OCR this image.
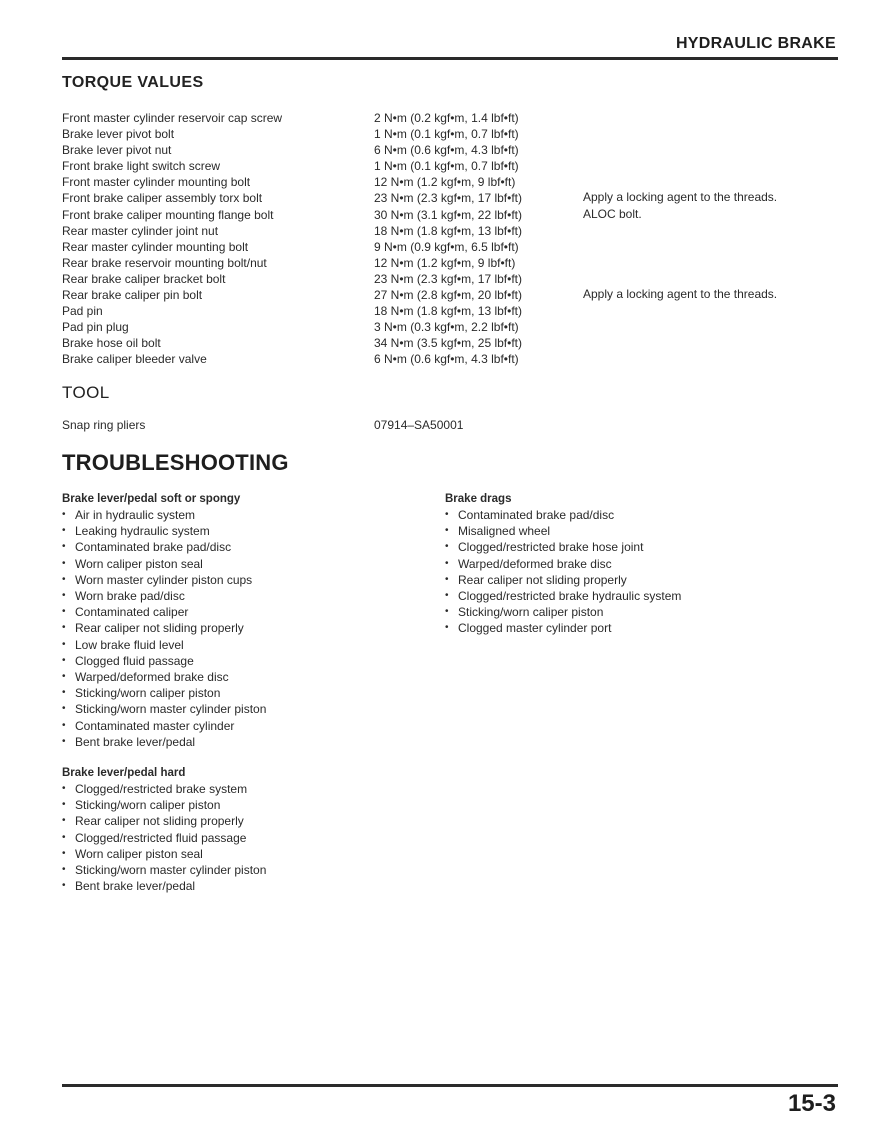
HYDRAULIC BRAKE
TORQUE VALUES
Front master cylinder reservoir cap screw	2 N•m (0.2 kgf•m, 1.4 lbf•ft)
Brake lever pivot bolt	1 N•m (0.1 kgf•m, 0.7 lbf•ft)
Brake lever pivot nut	6 N•m (0.6 kgf•m, 4.3 lbf•ft)
Front brake light switch screw	1 N•m (0.1 kgf•m, 0.7 lbf•ft)
Front master cylinder mounting bolt	12 N•m (1.2 kgf•m, 9 lbf•ft)
Front brake caliper assembly torx bolt	23 N•m (2.3 kgf•m, 17 lbf•ft)	Apply a locking agent to the threads.
Front brake caliper mounting flange bolt	30 N•m (3.1 kgf•m, 22 lbf•ft)	ALOC bolt.
Rear master cylinder joint nut	18 N•m (1.8 kgf•m, 13 lbf•ft)
Rear master cylinder mounting bolt	9 N•m (0.9 kgf•m, 6.5 lbf•ft)
Rear brake reservoir mounting bolt/nut	12 N•m (1.2 kgf•m, 9 lbf•ft)
Rear brake caliper bracket bolt	23 N•m (2.3 kgf•m, 17 lbf•ft)
Rear brake caliper pin bolt	27 N•m (2.8 kgf•m, 20 lbf•ft)	Apply a locking agent to the threads.
Pad pin	18 N•m (1.8 kgf•m, 13 lbf•ft)
Pad pin plug	3 N•m (0.3 kgf•m, 2.2 lbf•ft)
Brake hose oil bolt	34 N•m (3.5 kgf•m, 25 lbf•ft)
Brake caliper bleeder valve	6 N•m (0.6 kgf•m, 4.3 lbf•ft)
TOOL
Snap ring pliers	07914–SA50001
TROUBLESHOOTING

Brake lever/pedal soft or spongy

• Air in hydraulic system
• Leaking hydraulic system
• Contaminated brake pad/disc
• Worn caliper piston seal
• Worn master cylinder piston cups
• Worn brake pad/disc
• Contaminated caliper
• Rear caliper not sliding properly
• Low brake fluid level
• Clogged fluid passage
• Warped/deformed brake disc
• Sticking/worn caliper piston
• Sticking/worn master cylinder piston
• Contaminated master cylinder
• Bent brake lever/pedal

Brake lever/pedal hard

• Clogged/restricted brake system
• Sticking/worn caliper piston
• Rear caliper not sliding properly
• Clogged/restricted fluid passage
• Worn caliper piston seal
• Sticking/worn master cylinder piston
• Bent brake lever/pedal

Brake drags

• Contaminated brake pad/disc
• Misaligned wheel
• Clogged/restricted brake hose joint
• Warped/deformed brake disc
• Rear caliper not sliding properly
• Clogged/restricted brake hydraulic system
• Sticking/worn caliper piston
• Clogged master cylinder port
15-3
